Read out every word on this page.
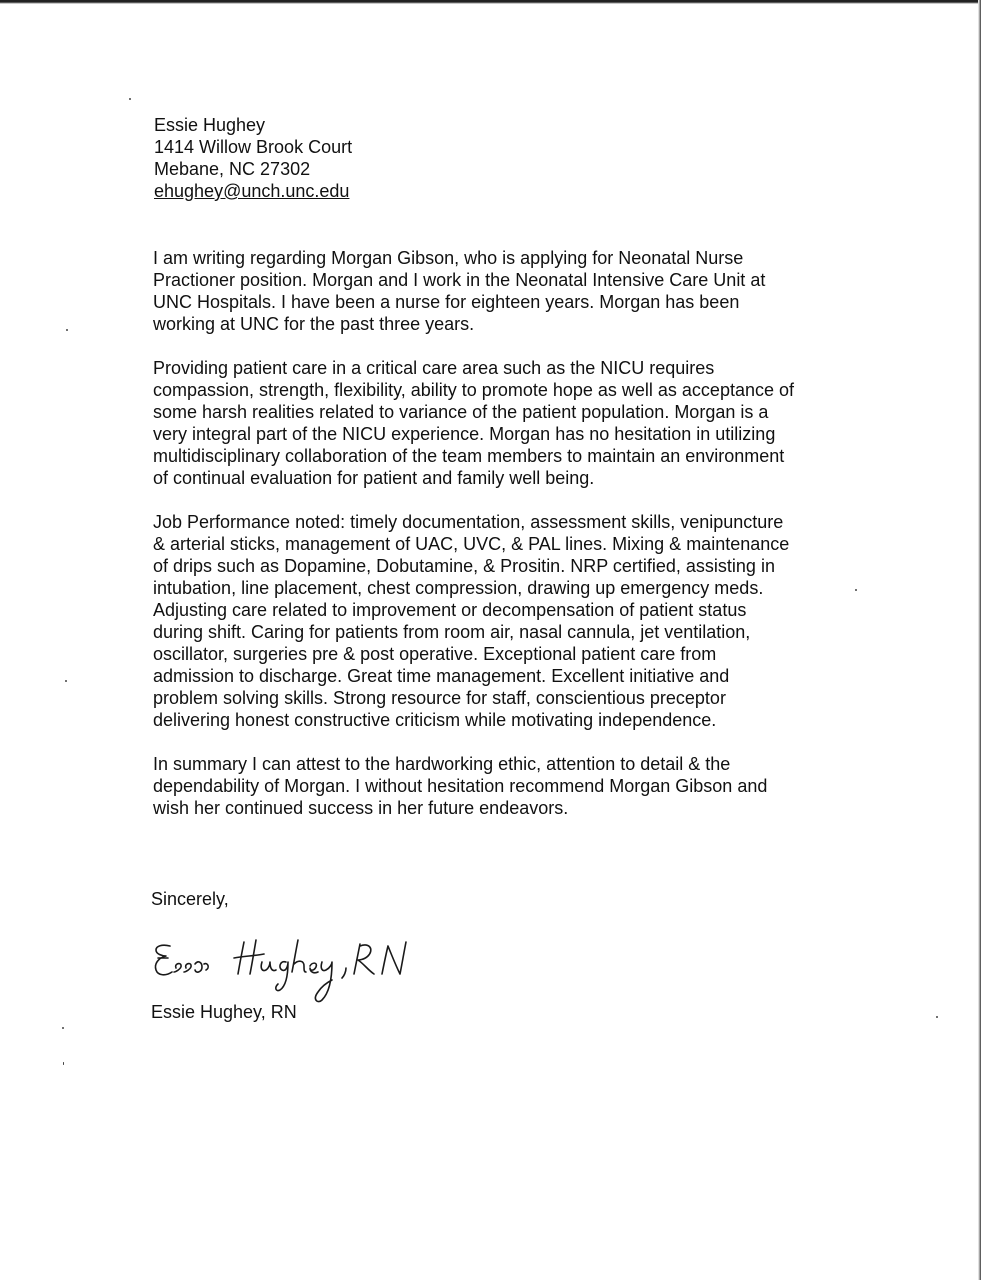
Essie Hughey
1414 Willow Brook Court
Mebane, NC 27302
ehughey@unch.unc.edu

I am writing regarding Morgan Gibson, who is applying for Neonatal Nurse
Practioner position. Morgan and I work in the Neonatal Intensive Care Unit at
UNC Hospitals. I have been a nurse for eighteen years. Morgan has been
working at UNC for the past three years.

Providing patient care in a critical care area such as the NICU requires
compassion, strength, flexibility, ability to promote hope as well as acceptance of
some harsh realities related to variance of the patient population. Morgan is a
very integral part of the NICU experience. Morgan has no hesitation in utilizing
multidisciplinary collaboration of the team members to maintain an environment
of continual evaluation for patient and family well being.

Job Performance noted: timely documentation, assessment skills, venipuncture
& arterial sticks, management of UAC, UVC, & PAL lines. Mixing & maintenance
of drips such as Dopamine, Dobutamine, & Prositin. NRP certified, assisting in
intubation, line placement, chest compression, drawing up emergency meds.
Adjusting care related to improvement or decompensation of patient status
during shift. Caring for patients from room air, nasal cannula, jet ventilation,
oscillator, surgeries pre & post operative. Exceptional patient care from
admission to discharge. Great time management. Excellent initiative and
problem solving skills. Strong resource for staff, conscientious preceptor
delivering honest constructive criticism while motivating independence.

In summary I can attest to the hardworking ethic, attention to detail & the
dependability of Morgan. I without hesitation recommend Morgan Gibson and
wish her continued success in her future endeavors.

Sincerely,
Essie Hughey, RN
